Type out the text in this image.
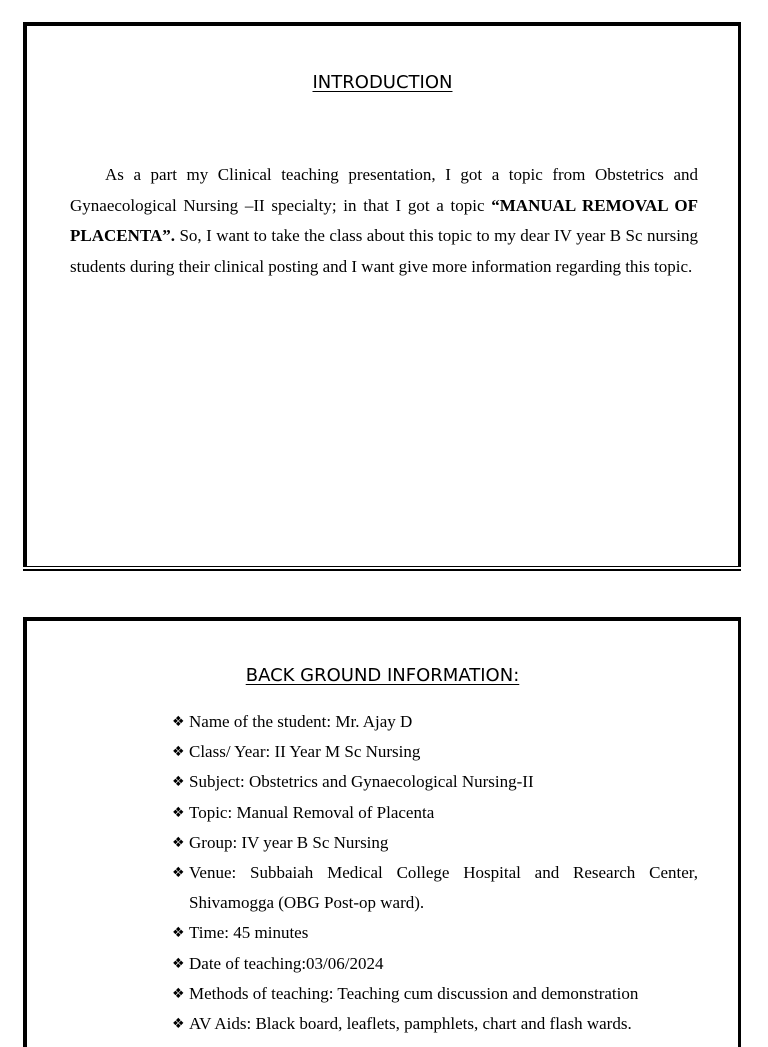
INTRODUCTION

As a part my Clinical teaching presentation, I got a topic from Obstetrics and Gynaecological Nursing –II specialty; in that I got a topic “MANUAL REMOVAL OF PLACENTA”. So, I want to take the class about this topic to my dear IV year B Sc nursing students during their clinical posting and I want give more information regarding this topic.

BACK GROUND INFORMATION:
❖ Name of the student: Mr. Ajay D
❖ Class/ Year: II Year M Sc Nursing
❖ Subject: Obstetrics and Gynaecological Nursing-II
❖ Topic: Manual Removal of Placenta
❖ Group: IV year B Sc Nursing
❖ Venue: Subbaiah Medical College Hospital and Research Center, Shivamogga (OBG Post-op ward).
❖ Time: 45 minutes
❖ Date of teaching:03/06/2024
❖ Methods of teaching: Teaching cum discussion and demonstration
❖ AV Aids: Black board, leaflets, pamphlets, chart and flash wards.
